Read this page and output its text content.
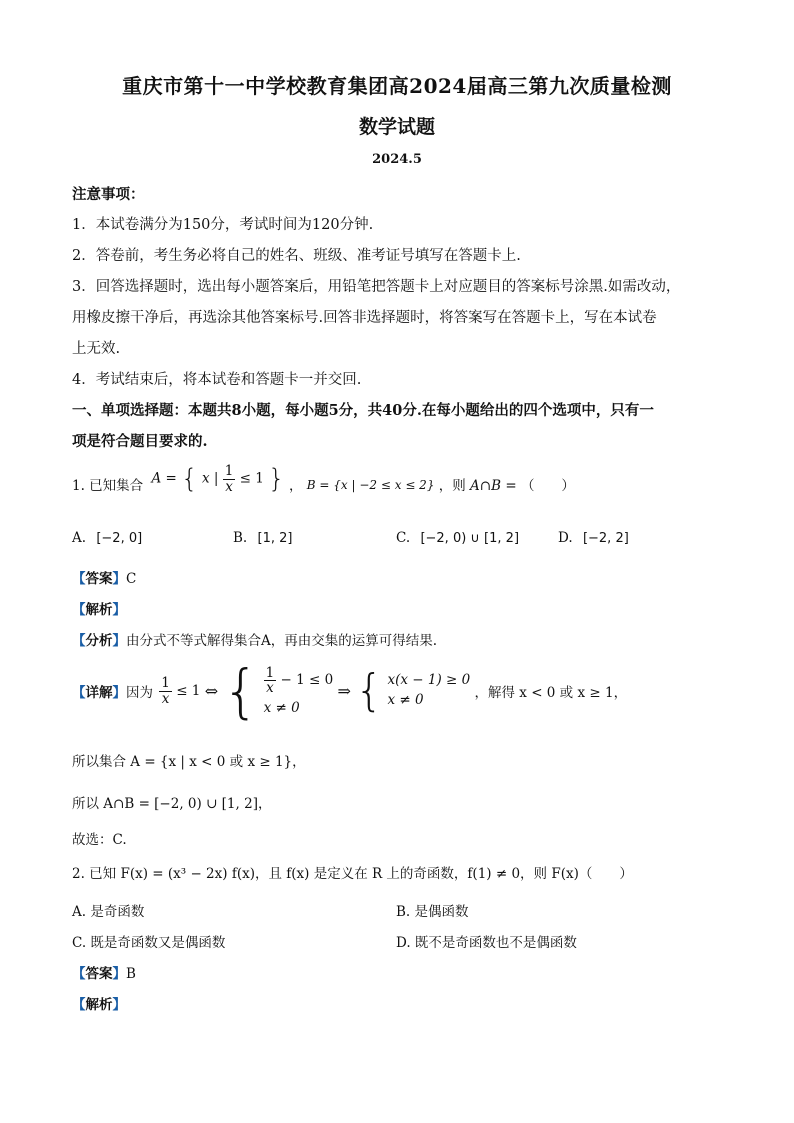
重庆市第十一中学校教育集团高2024届高三第九次质量检测
数学试题
2024.5
注意事项：
1．本试卷满分为150分，考试时间为120分钟.
2．答卷前，考生务必将自己的姓名、班级、准考证号填写在答题卡上.
3．回答选择题时，选出每小题答案后，用铅笔把答题卡上对应题目的答案标号涂黑.如需改动，
用橡皮擦干净后，再选涂其他答案标号.回答非选择题时，将答案写在答题卡上，写在本试卷
上无效.
4．考试结束后，将本试卷和答题卡一并交回.
一、单项选择题：本题共8小题，每小题5分，共40分.在每小题给出的四个选项中，只有一
项是符合题目要求的.
1. 已知集合 A = { x | $\frac{1}{x} \le 1$ } ， B = {x | −2 ≤ x ≤ 2} ，则 A∩B = （　　）
A. [−2, 0]	B. [1, 2]	C. [−2, 0) ∪ [1, 2]	D. [−2, 2]
【答案】C
【解析】
【分析】由分式不等式解得集合A，再由交集的运算可得结果.
【详解】因为 $\frac{1}{x} \le 1$ ⇔ { $\frac{1}{x} - 1 \le 0$
x ≠ 0
⇒ { x(x − 1) ≥ 0
x ≠ 0	，解得 x < 0 或 x ≥ 1，
所以集合 A = {x | x < 0 或 x ≥ 1}，
所以 A∩B = [−2, 0) ∪ [1, 2]，
故选：C.
2. 已知 F(x) = (x³ − 2x) f(x)，且 f(x) 是定义在 R 上的奇函数，f(1) ≠ 0，则 F(x)（　　）
A. 是奇函数	B. 是偶函数
C. 既是奇函数又是偶函数	D. 既不是奇函数也不是偶函数
【答案】B
【解析】
